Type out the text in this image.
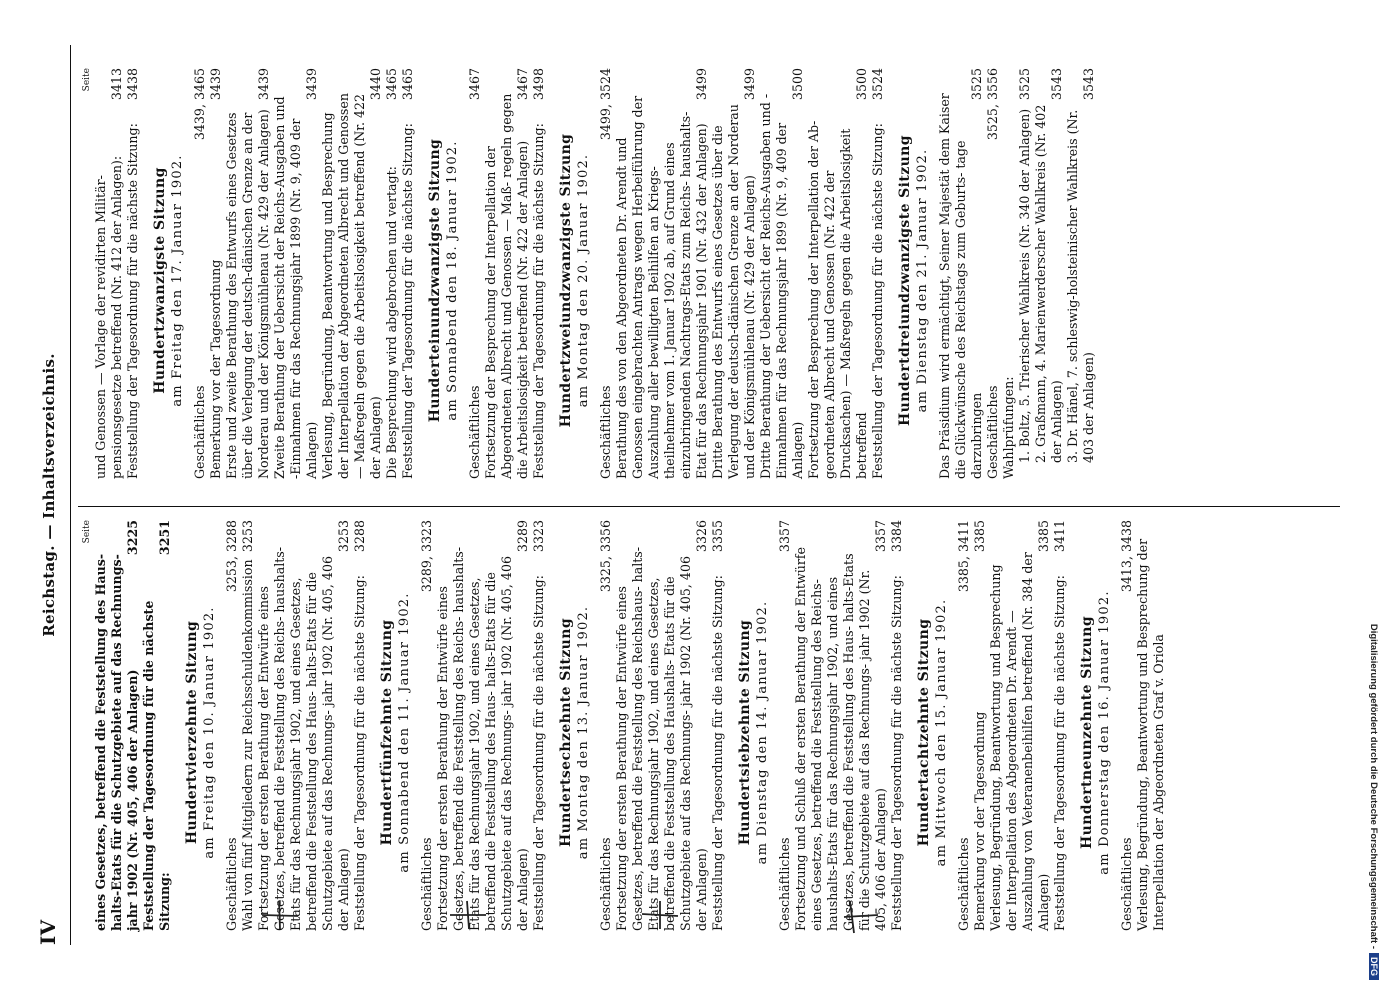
IV
Reichstag. — Inhaltsverzeichnis.	Seite
eines Gesetzes, betreffend die Feststellung des Haus- halts-Etats für die Schutzgebiete auf das Rechnungs- jahr 1902 (Nr. 405, 406 der Anlagen)
3225
Feststellung der Tagesordnung für die nächste Sitzung:
3251
Hundertvierzehnte Sitzung am Freitag den 10. Januar 1902.
Geschäftliches
3253, 3288
Wahl von fünf Mitgliedern zur Reichsschuldenkommission
3253
Fortsetzung der ersten Berathung der Entwürfe eines Gesetzes, betreffend die Feststellung des Reichs- haushalts-Etats für das Rechnungsjahr 1902, und eines Gesetzes, betreffend die Feststellung des Haus- halts-Etats für die Schutzgebiete auf das Rechnungs- jahr 1902 (Nr. 405, 406 der Anlagen)
3253
Feststellung der Tagesordnung für die nächste Sitzung:
3288
Hundertfünfzehnte Sitzung am Sonnabend den 11. Januar 1902.
Geschäftliches
3289, 3323
Fortsetzung der ersten Berathung der Entwürfe eines Gesetzes, betreffend die Feststellung des Reichs- haushalts-Etats für das Rechnungsjahr 1902, und eines Gesetzes, betreffend die Feststellung des Haus- halts-Etats für die Schutzgebiete auf das Rechnungs- jahr 1902 (Nr. 405, 406 der Anlagen)
3289
Feststellung der Tagesordnung für die nächste Sitzung:
3323
Hundertsechzehnte Sitzung am Montag den 13. Januar 1902.
Geschäftliches
3325, 3356
Fortsetzung der ersten Berathung der Entwürfe eines Gesetzes, betreffend die Feststellung des Reichshaus- halts-Etats für das Rechnungsjahr 1902, und eines Gesetzes, betreffend die Feststellung des Haushalts- Etats für die Schutzgebiete auf das Rechnungs- jahr 1902 (Nr. 405, 406 der Anlagen)
3326
Feststellung der Tagesordnung für die nächste Sitzung:
3355
Hundertsiebzehnte Sitzung am Dienstag den 14. Januar 1902.
Geschäftliches
3357
Fortsetzung und Schluß der ersten Berathung der Entwürfe eines Gesetzes, betreffend die Feststellung des Reichs- haushalts-Etats für das Rechnungsjahr 1902, und eines Gesetzes, betreffend die Feststellung des Haus- halts-Etats für die Schutzgebiete auf das Rechnungs- jahr 1902 (Nr. 405, 406 der Anlagen)
3357
Feststellung der Tagesordnung für die nächste Sitzung:
3384
Hundertachtzehnte Sitzung am Mittwoch den 15. Januar 1902.
Geschäftliches
3385, 3411
Bemerkung vor der Tagesordnung
3385
Verlesung, Begründung, Beantwortung und Besprechung der Interpellation des Abgeordneten Dr. Arendt — Auszahlung von Veteranenbeihilfen betreffend (Nr. 384 der Anlagen)
3385
Feststellung der Tagesordnung für die nächste Sitzung:
3411
Hundertneunzehnte Sitzung am Donnerstag den 16. Januar 1902.
Geschäftliches
3413, 3438 Verlesung, Begründung, Beantwortung und Besprechung der Interpellation der Abgeordneten Graf v. Oriola
Seite
und Genossen — Vorlage der revidirten Militär- pensionsgesetze betreffend (Nr. 412 der Anlagen):
3413
Feststellung der Tagesordnung für die nächste Sitzung:
3438
Hundertzwanzigste Sitzung am Freitag den 17. Januar 1902.
Geschäftliches
3439, 3465
Bemerkung vor der Tagesordnung
3439
Erste und zweite Berathung des Entwurfs eines Gesetzes über die Verlegung der deutsch-dänischen Grenze an der Norderau und der Königsmühlenau (Nr. 429 der Anlagen)
3439
Zweite Berathung der Uebersicht der Reichs-Ausgaben und -Einnahmen für das Rechnungsjahr 1899 (Nr. 9, 409 der Anlagen)
3439
Verlesung, Begründung, Beantwortung und Besprechung der Interpellation der Abgeordneten Albrecht und Genossen — Maßregeln gegen die Arbeitslosigkeit betreffend (Nr. 422 der Anlagen)
3440
Die Besprechung wird abgebrochen und vertagt:
3465
Feststellung der Tagesordnung für die nächste Sitzung:
3465
Hunderteinundzwanzigste Sitzung am Sonnabend den 18. Januar 1902.
Geschäftliches
3467
Fortsetzung der Besprechung der Interpellation der Abgeordneten Albrecht und Genossen — Maß- regeln gegen die Arbeitslosigkeit betreffend (Nr. 422 der Anlagen)
3467
Feststellung der Tagesordnung für die nächste Sitzung:
3498
Hundertzweiundzwanzigste Sitzung am Montag den 20. Januar 1902.
Geschäftliches
3499, 3524
Berathung des von den Abgeordneten Dr. Arendt und Genossen eingebrachten Antrags wegen Herbeiführung der Auszahlung aller bewilligten Beihilfen an Kriegs- theilnehmer vom 1. Januar 1902 ab, auf Grund eines einzubringenden Nachtrags-Etats zum Reichs- haushalts-Etat für das Rechnungsjahr 1901 (Nr. 432 der Anlagen)
3499
Dritte Berathung des Entwurfs eines Gesetzes über die Verlegung der deutsch-dänischen Grenze an der Norderau und der Königsmühlenau (Nr. 429 der Anlagen)
3499
Dritte Berathung der Uebersicht der Reichs-Ausgaben und -Einnahmen für das Rechnungsjahr 1899 (Nr. 9, 409 der Anlagen)
3500
Fortsetzung der Besprechung der Interpellation der Ab- geordneten Albrecht und Genossen (Nr. 422 der Drucksachen) — Maßregeln gegen die Arbeitslosigkeit betreffend
3500
Feststellung der Tagesordnung für die nächste Sitzung:
3524
Hundertdreiundzwanzigste Sitzung am Dienstag den 21. Januar 1902. Das Präsidium wird ermächtigt, Seiner Majestät dem Kaiser die Glückwünsche des Reichstags zum Geburts- tage darzubringen
3525
Geschäftliches
3525, 3556
Wahlprüfungen: 1. Boltz, 5. Trierischer Wahlkreis (Nr. 340 der Anlagen)
3525
2. Graßmann, 4. Marienwerderscher Wahlkreis (Nr. 402 der Anlagen)
3543
3. Dr. Hänel, 7. schleswig-holsteinischer Wahlkreis (Nr. 403 der Anlagen)
3543
Digitalisierung gefördert durch die Deutsche Forschungsgemeinschaft -DFG
